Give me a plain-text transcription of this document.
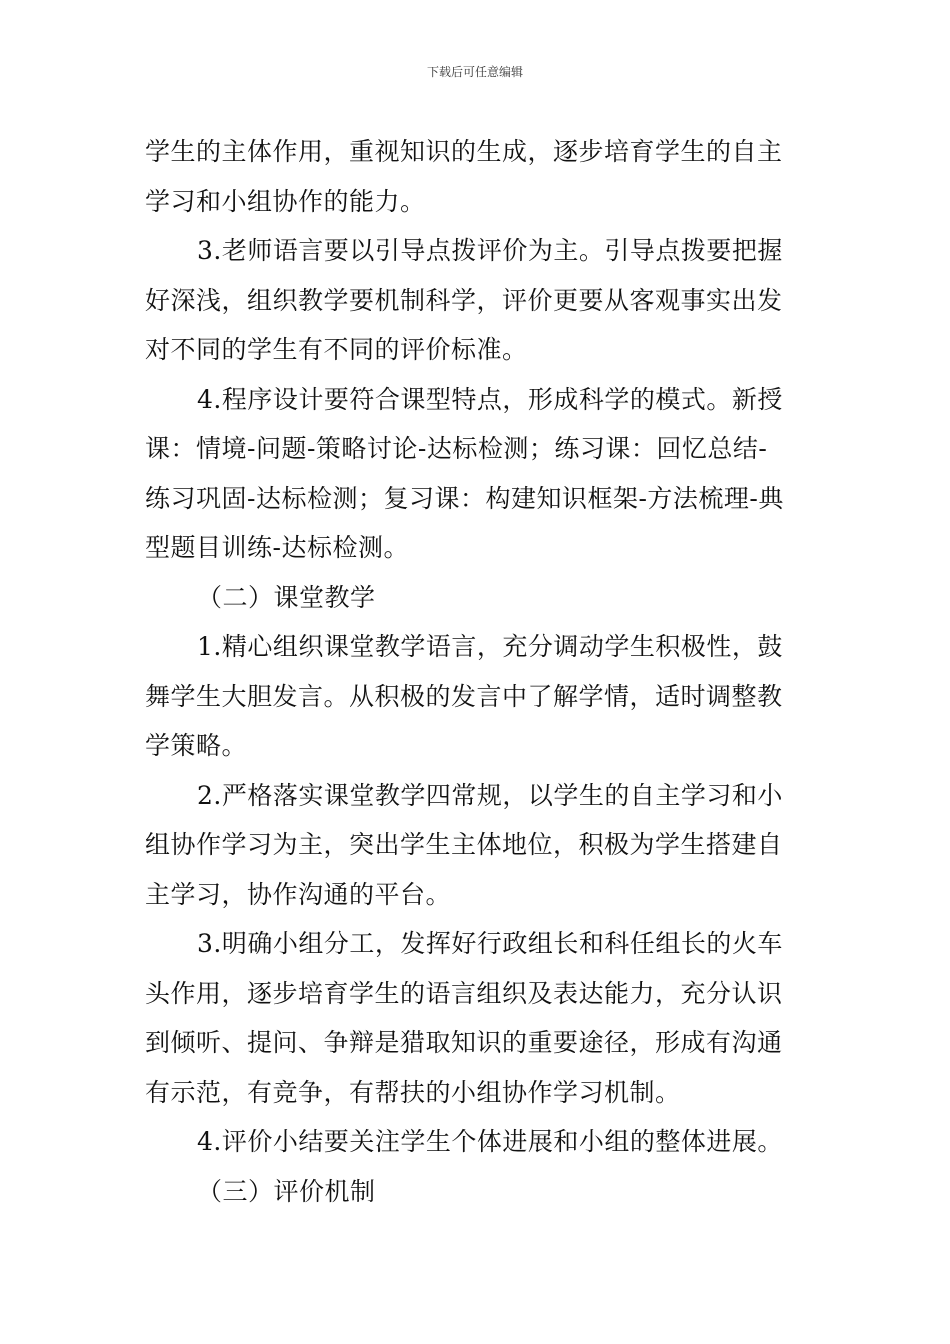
下载后可任意编辑
学生的主体作用，重视知识的生成，逐步培育学生的自主
学习和小组协作的能力。
3.老师语言要以引导点拨评价为主。引导点拨要把握
好深浅，组织教学要机制科学，评价更要从客观事实出发
对不同的学生有不同的评价标准。
4.程序设计要符合课型特点，形成科学的模式。新授
课：情境-问题-策略讨论-达标检测；练习课：回忆总结-
练习巩固-达标检测；复习课：构建知识框架-方法梳理-典
型题目训练-达标检测。
（二）课堂教学
1.精心组织课堂教学语言，充分调动学生积极性，鼓
舞学生大胆发言。从积极的发言中了解学情，适时调整教
学策略。
2.严格落实课堂教学四常规，以学生的自主学习和小
组协作学习为主，突出学生主体地位，积极为学生搭建自
主学习，协作沟通的平台。
3.明确小组分工，发挥好行政组长和科任组长的火车
头作用，逐步培育学生的语言组织及表达能力，充分认识
到倾听、提问、争辩是猎取知识的重要途径，形成有沟通
有示范，有竞争，有帮扶的小组协作学习机制。
4.评价小结要关注学生个体进展和小组的整体进展。
（三）评价机制
